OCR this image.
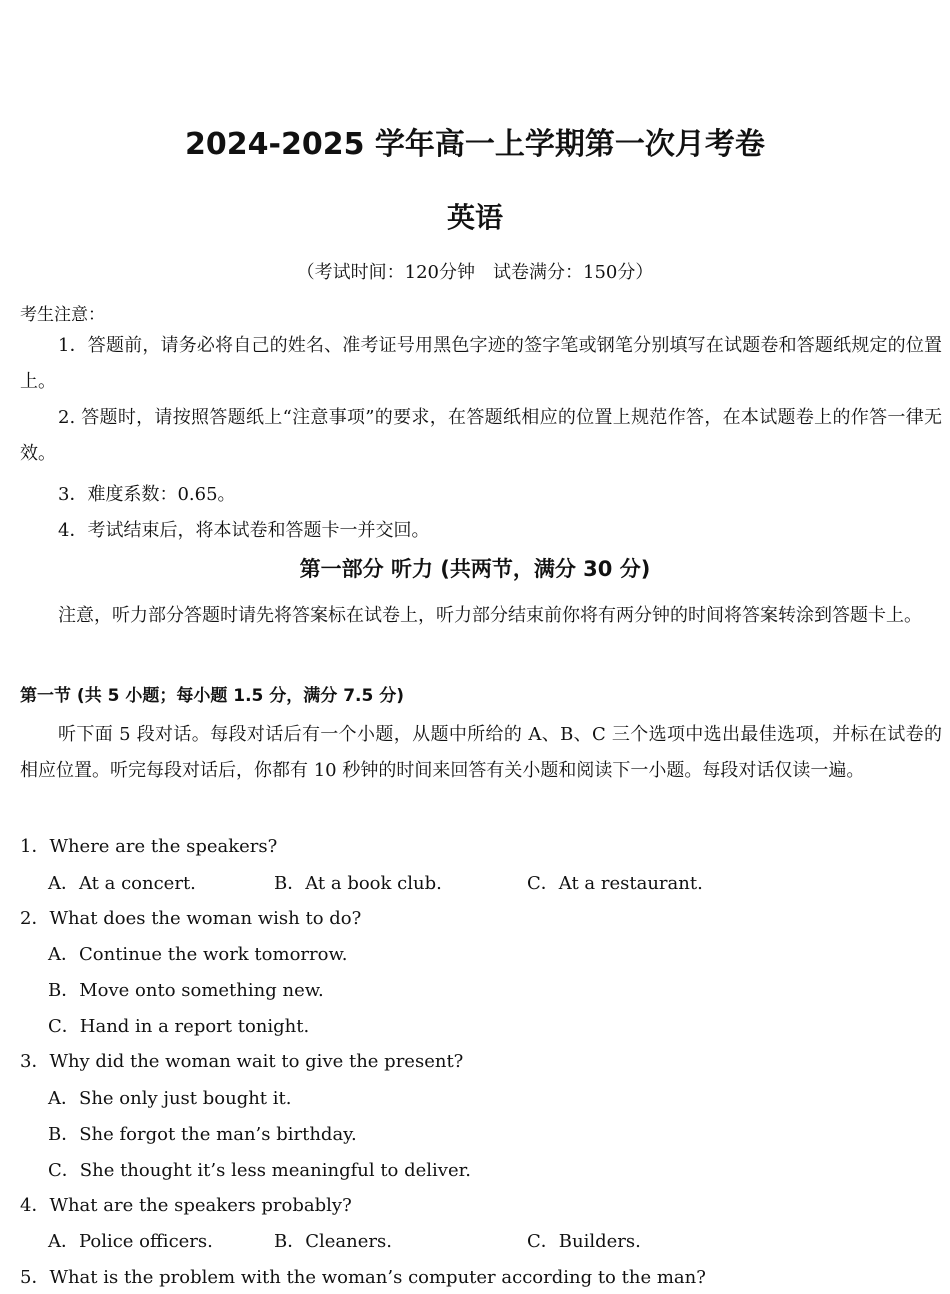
2024-2025 学年高一上学期第一次月考卷
英语
（考试时间：120分钟　试卷满分：150分）
考生注意：
1．答题前，请务必将自己的姓名、准考证号用黑色字迹的签字笔或钢笔分别填写在试题卷和答题纸规定的位置上。
2. 答题时，请按照答题纸上“注意事项”的要求，在答题纸相应的位置上规范作答，在本试题卷上的作答一律无效。
3．难度系数：0.65。
4．考试结束后，将本试卷和答题卡一并交回。
第一部分 听力 (共两节，满分 30 分)
注意，听力部分答题时请先将答案标在试卷上，听力部分结束前你将有两分钟的时间将答案转涂到答题卡上。
第一节 (共 5 小题；每小题 1.5 分，满分 7.5 分)
听下面 5 段对话。每段对话后有一个小题，从题中所给的 A、B、C 三个选项中选出最佳选项，并标在试卷的相应位置。听完每段对话后，你都有 10 秒钟的时间来回答有关小题和阅读下一小题。每段对话仅读一遍。
1．Where are the speakers?
A．At a concert.	B．At a book club.	C．At a restaurant.
2．What does the woman wish to do?
A．Continue the work tomorrow.
B．Move onto something new.
C．Hand in a report tonight.
3．Why did the woman wait to give the present?
A．She only just bought it.
B．She forgot the man’s birthday.
C．She thought it’s less meaningful to deliver.
4．What are the speakers probably?
A．Police officers.	B．Cleaners.	C．Builders.
5．What is the problem with the woman’s computer according to the man?
